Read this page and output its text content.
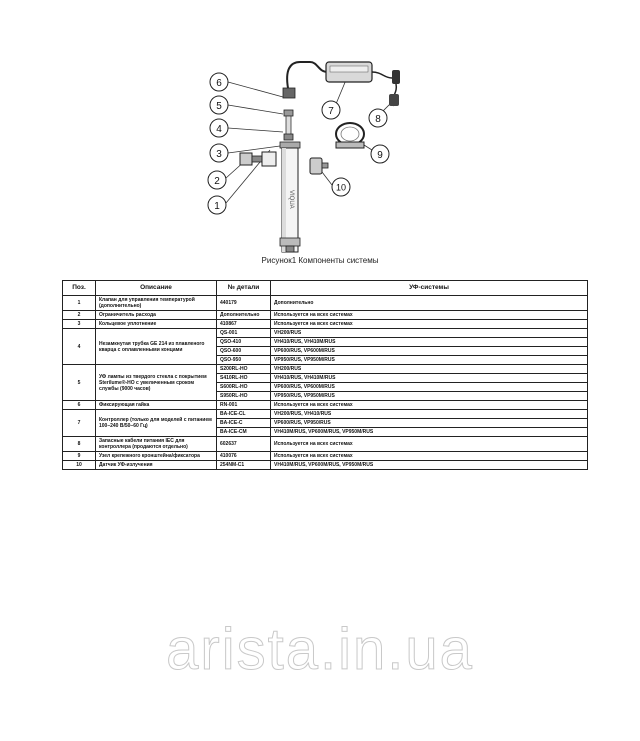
VIQUA
6
5
4
3
2
1
7
8
9
10
Рисунок1 Компоненты системы
Поз.	Описание	№ детали	УФ-системы
1	Клапан для управления температурой (дополнительно)	440179	Дополнительно
2	Ограничитель расхода	Дополнительно	Используется на всех системах
3	Кольцевое уплотнение	410867	Используется на всех системах
4	Незамкнутая трубка GE 214 из плавленого кварца с оплавленными концами	QS-001	VH200/RUS
		QSO-410	VH410/RUS, VH410M/RUS
		QSO-600	VP600/RUS, VP600M/RUS
		QSO-950	VP950/RUS, VP950M/RUS
5	УФ лампы из твердого стекла с покрытием Sterilume®-HO с увеличенным сроком службы (9000 часов)	S200RL-HO	VH200/RUS
		S410RL-HO	VH410/RUS, VH410M/RUS
		S600RL-HO	VP600/RUS, VP600M/RUS
		S950RL-HO	VP950/RUS, VP950M/RUS
6	Фиксирующая гайка	RN-001	Используется на всех системах
7	Контроллер (только для моделей с питанием 100–240 В/50–60 Гц)	BA-ICE-CL	VH200/RUS, VH410/RUS
		BA-ICE-C	VP600/RUS, VP950/RUS
		BA-ICE-CM	VH410M/RUS, VP600M/RUS, VP950M/RUS
8	Запасные кабели питания IEC для контроллера (продаются отдельно)	602637	Используется на всех системах
9	Узел крепежного кронштейна/фиксатора	410076	Используется на всех системах
10	Датчик УФ-излучения	254NM-C1	VH410M/RUS, VP600M/RUS, VP950M/RUS
arista.in.ua
